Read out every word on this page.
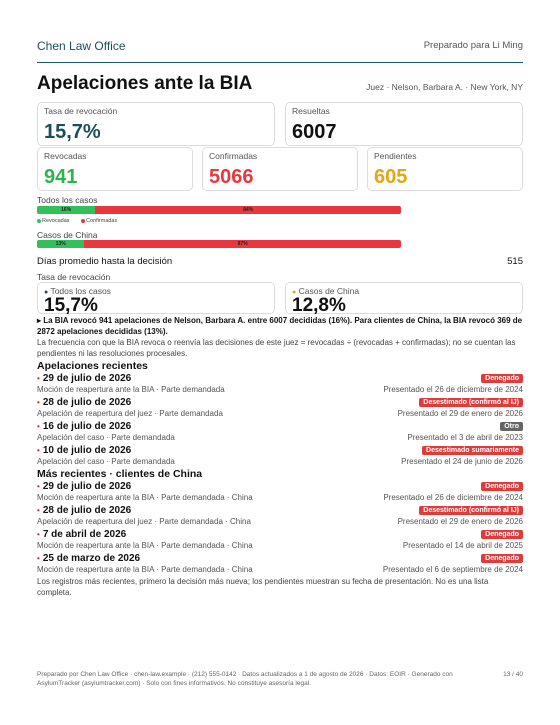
Chen Law Office	Preparado para Li Ming
Apelaciones ante la BIA	Juez · Nelson, Barbara A. · New York, NY
Tasa de revocación
15,7%
Resueltas
6007
Revocadas
941
Confirmadas
5066
Pendientes
605
Todos los casos
16%	84%
Revocadas	Confirmadas
Casos de China
13%	87%
Días promedio hasta la decisión	515
Tasa de revocación
● Todos los casos
15,7%
● Casos de China
12,8%
▸ La BIA revocó 941 apelaciones de Nelson, Barbara A. entre 6007 decididas (16%). Para clientes de China, la BIA revocó 369 de 2872 apelaciones decididas (13%).
La frecuencia con que la BIA revoca o reenvía las decisiones de este juez = revocadas ÷ (revocadas + confirmadas); no se cuentan las pendientes ni las resoluciones procesales.
Apelaciones recientes
• 29 de julio de 2026
Moción de reapertura ante la BIA · Parte demandada
Denegado
Presentado el 26 de diciembre de 2024
• 28 de julio de 2026
Apelación de reapertura del juez · Parte demandada
Desestimado (confirmó al IJ)
Presentado el 29 de enero de 2026
• 16 de julio de 2026
Apelación del caso · Parte demandada
Otro
Presentado el 3 de abril de 2023
• 10 de julio de 2026
Apelación del caso · Parte demandada
Desestimado sumariamente
Presentado el 24 de junio de 2026
Más recientes · clientes de China
• 29 de julio de 2026
Moción de reapertura ante la BIA · Parte demandada · China
Denegado
Presentado el 26 de diciembre de 2024
• 28 de julio de 2026
Apelación de reapertura del juez · Parte demandada · China
Desestimado (confirmó al IJ)
Presentado el 29 de enero de 2026
• 7 de abril de 2026
Moción de reapertura ante la BIA · Parte demandada · China
Denegado
Presentado el 14 de abril de 2025
• 25 de marzo de 2026
Moción de reapertura ante la BIA · Parte demandada · China
Denegado
Presentado el 6 de septiembre de 2024
Los registros más recientes, primero la decisión más nueva; los pendientes muestran su fecha de presentación. No es una lista completa.
Preparado por Chen Law Office · chen-law.example · (212) 555-0142 · Datos actualizados a 1 de agosto de 2026 · Datos: EOIR · Generado con AsylumTracker (asylumtracker.com) · Solo con fines informativos. No constituye asesoría legal.
13 / 40
